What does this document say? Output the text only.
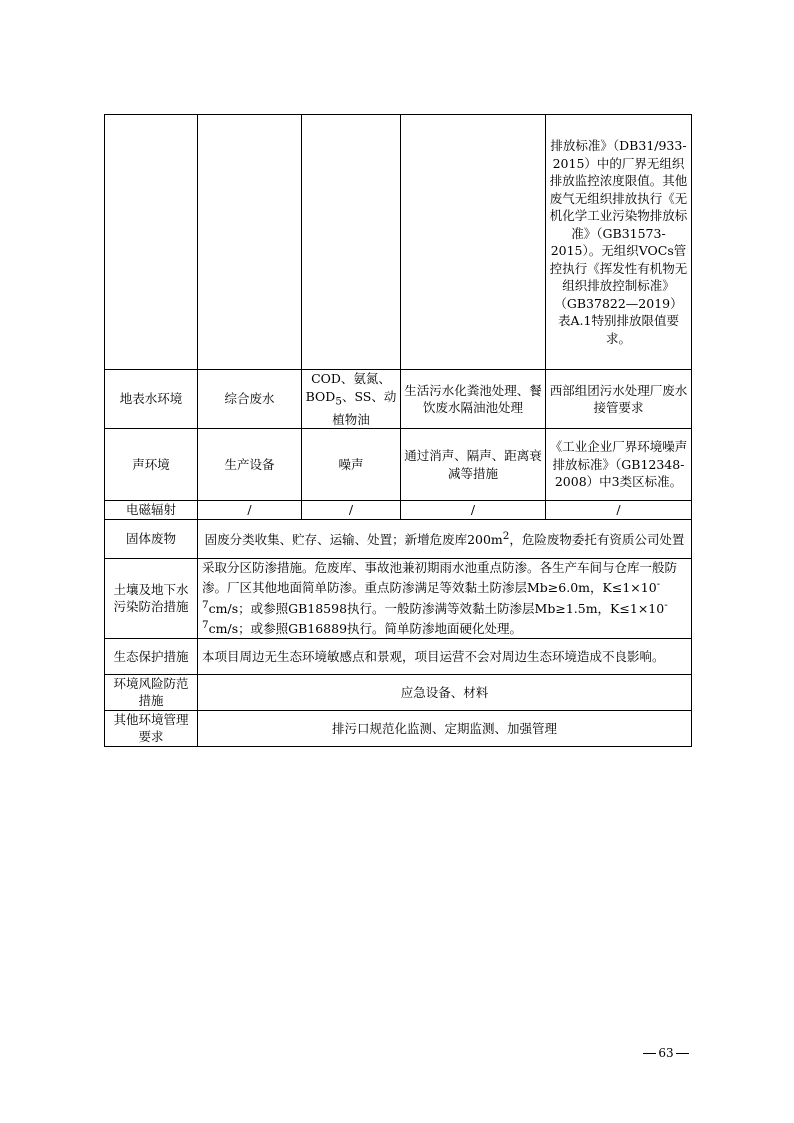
				排放标准》（DB31/933-2015）中的厂界无组织排放监控浓度限值。其他废气无组织排放执行《无机化学工业污染物排放标准》（GB31573-2015）。无组织VOCs管控执行《挥发性有机物无组织排放控制标准》（GB37822—2019）表A.1特别排放限值要求。
地表水环境	综合废水	COD、氨氮、$BOD_5$、SS、动植物油	生活污水化粪池处理、餐饮废水隔油池处理	西部组团污水处理厂废水接管要求
声环境	生产设备	噪声	通过消声、隔声、距离衰减等措施	《工业企业厂界环境噪声排放标准》（GB12348-2008）中3类区标准。
电磁辐射	/	/	/	/
固体废物	固废分类收集、贮存、运输、处置；新增危废库$200m^2$，危险废物委托有资质公司处置			
土壤及地下水污染防治措施	采取分区防渗措施。危废库、事故池兼初期雨水池重点防渗。各生产车间与仓库一般防渗。厂区其他地面简单防渗。重点防渗满足等效黏土防渗层Mb≥6.0m，$K\le 1\times 10^{-7}cm/s$；或参照GB18598执行。一般防渗满等效黏土防渗层Mb≥1.5m，$K\le 1\times 10^{-7}cm/s$；或参照GB16889执行。简单防渗地面硬化处理。			
生态保护措施	本项目周边无生态环境敏感点和景观，项目运营不会对周边生态环境造成不良影响。			
环境风险防范措施	应急设备、材料			
其他环境管理要求	排污口规范化监测、定期监测、加强管理			
63
